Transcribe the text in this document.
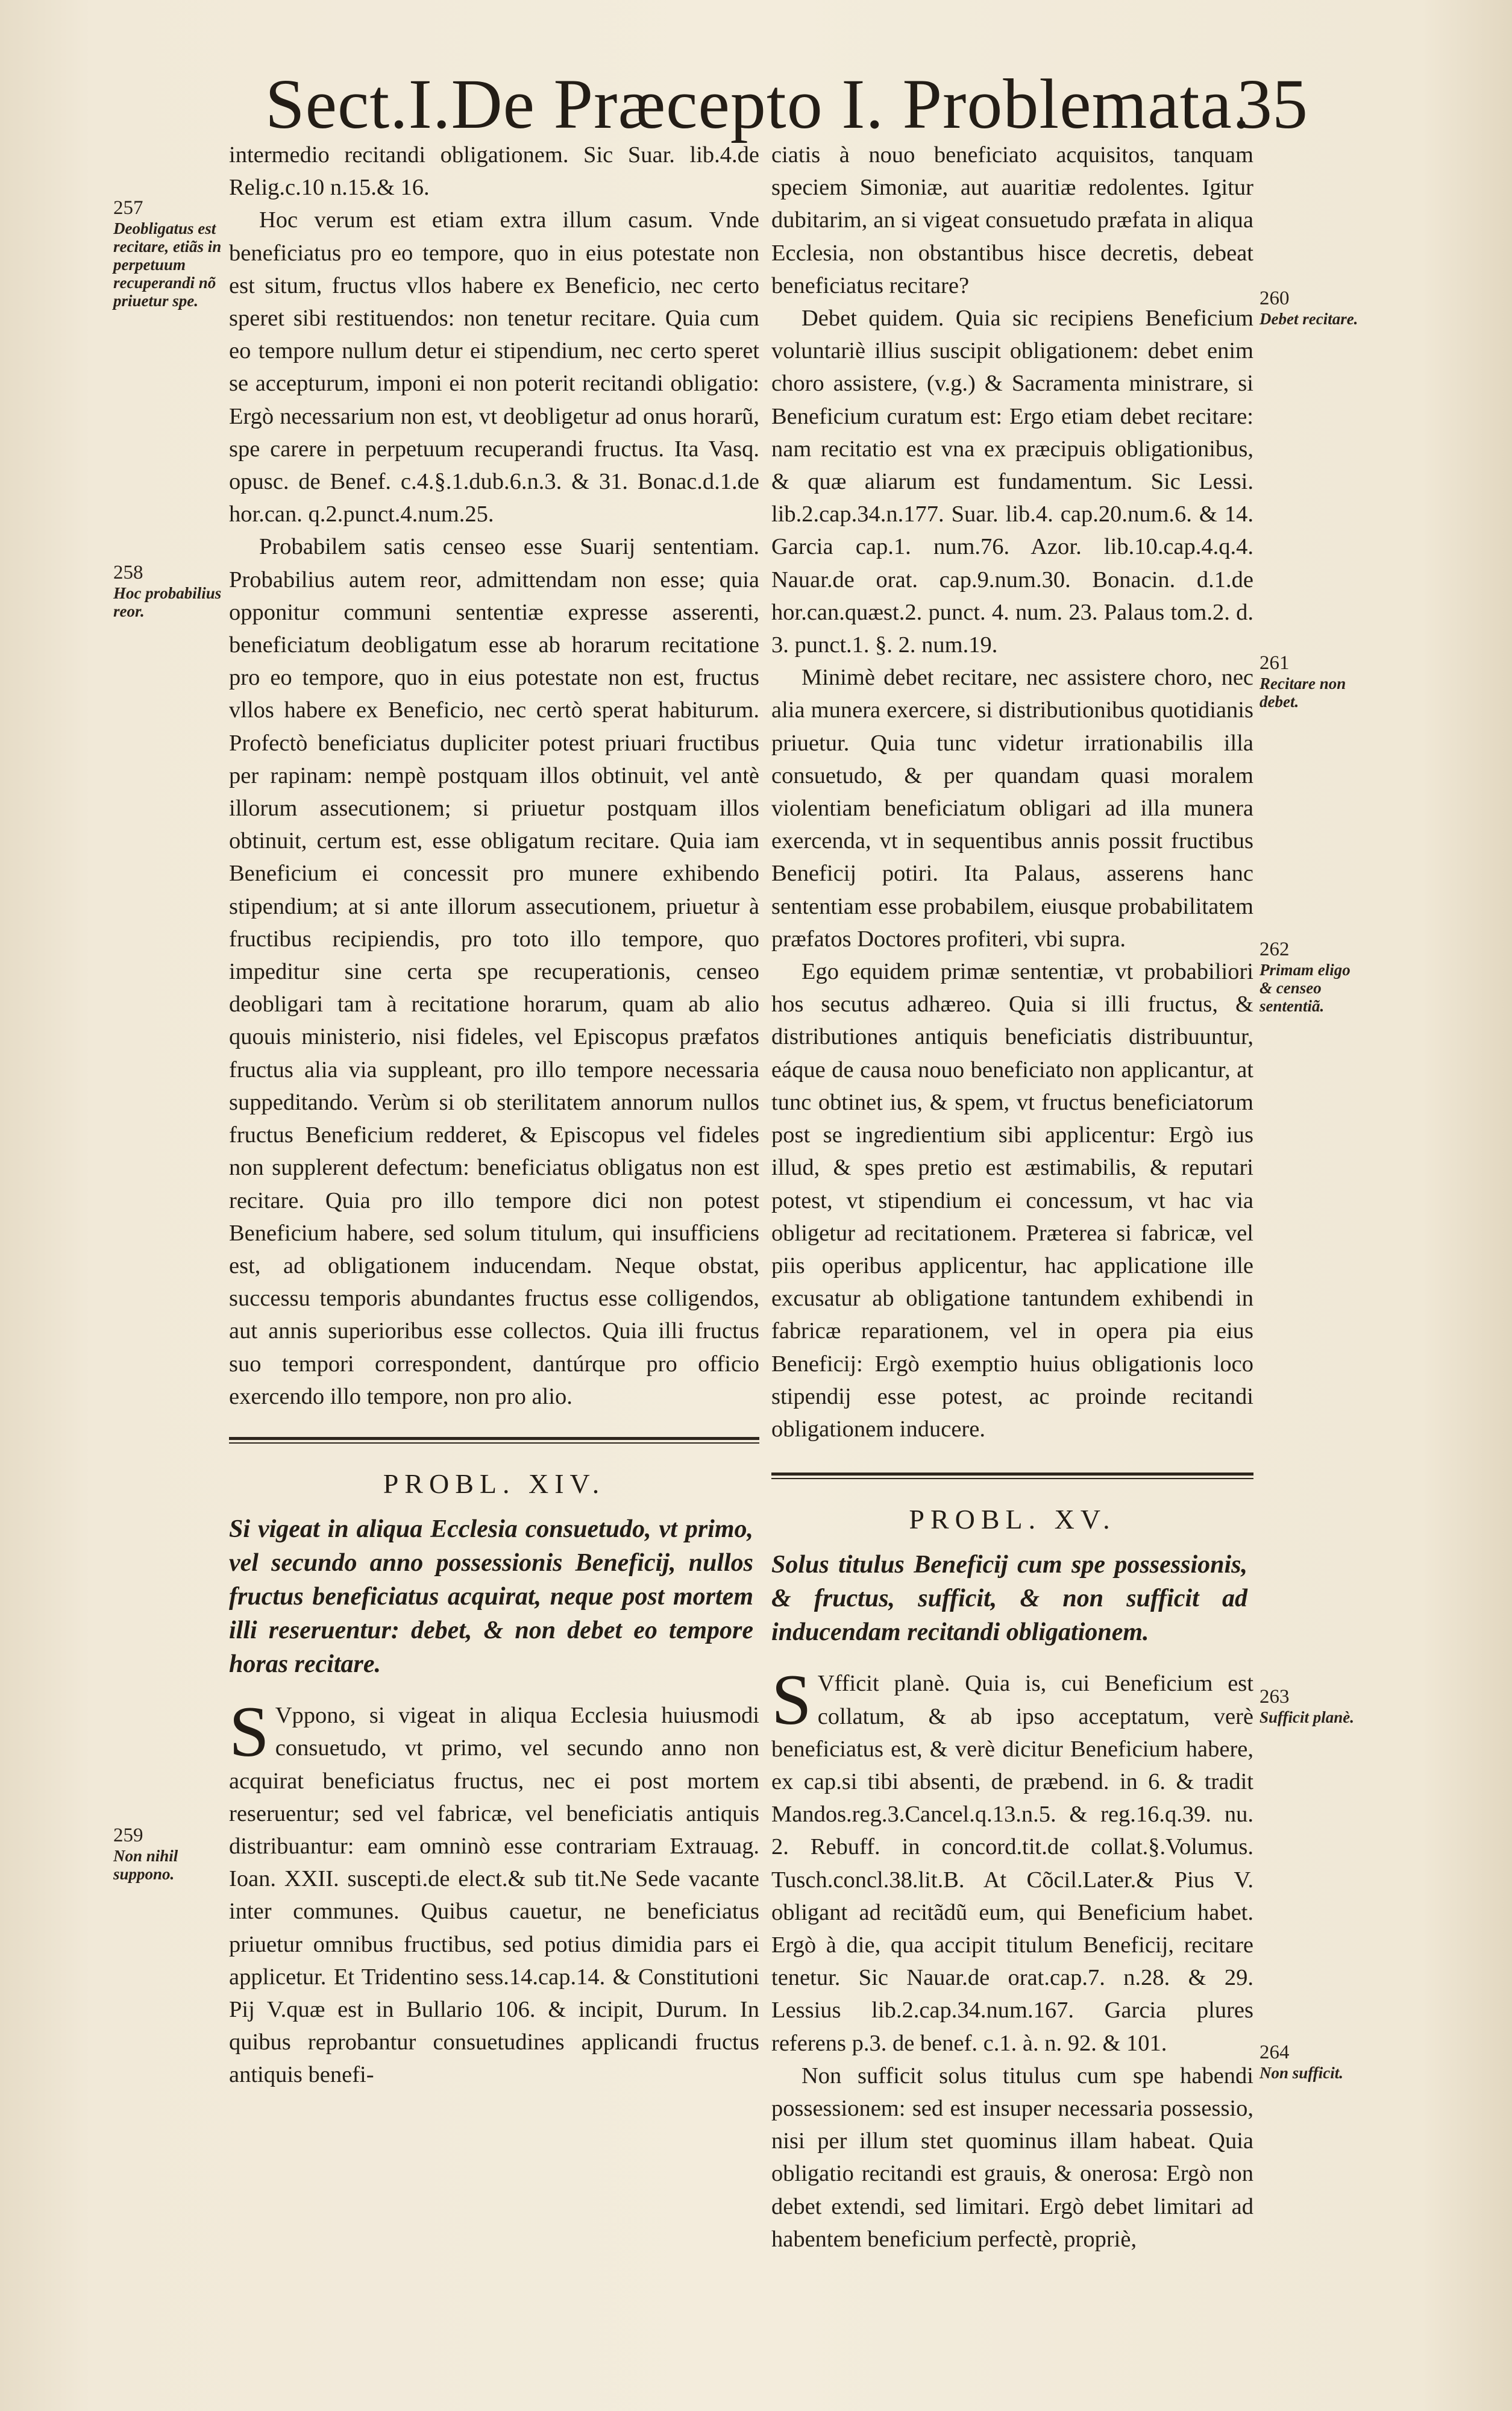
Sect.I.De Præcepto I. Problemata.
35
257
Deobligatus est recitare, etiãs in perpetuum recuperandi nõ priuetur spe.
258
Hoc probabilius reor.
259
Non nihil suppono.
260
Debet recitare.
261
Recitare non debet.
262
Primam eligo & censeo sententiã.
263
Sufficit planè.
264
Non sufficit.

intermedio recitandi obligationem. Sic Suar. lib.4.de Relig.c.10 n.15.& 16.

Hoc verum est etiam extra illum casum. Vnde beneficiatus pro eo tempore, quo in eius potestate non est situm, fructus vllos habere ex Beneficio, nec certo speret sibi restituendos: non tenetur recitare. Quia cum eo tempore nullum detur ei stipendium, nec certo speret se accepturum, imponi ei non poterit recitandi obligatio: Ergò necessarium non est, vt deobligetur ad onus horarũ, spe carere in perpetuum recuperandi fructus. Ita Vasq. opusc. de Benef. c.4.§.1.dub.6.n.3. & 31. Bonac.d.1.de hor.can. q.2.punct.4.num.25.

Probabilem satis censeo esse Suarij sententiam. Probabilius autem reor, admittendam non esse; quia opponitur communi sententiæ expresse asserenti, beneficiatum deobligatum esse ab horarum recitatione pro eo tempore, quo in eius potestate non est, fructus vllos habere ex Beneficio, nec certò sperat habiturum. Profectò beneficiatus dupliciter potest priuari fructibus per rapinam: nempè postquam illos obtinuit, vel antè illorum assecutionem; si priuetur postquam illos obtinuit, certum est, esse obligatum recitare. Quia iam Beneficium ei concessit pro munere exhibendo stipendium; at si ante illorum assecutionem, priuetur à fructibus recipiendis, pro toto illo tempore, quo impeditur sine certa spe recuperationis, censeo deobligari tam à recitatione horarum, quam ab alio quouis ministerio, nisi fideles, vel Episcopus præfatos fructus alia via suppleant, pro illo tempore necessaria suppeditando. Verùm si ob sterilitatem annorum nullos fructus Beneficium redderet, & Episcopus vel fideles non supplerent defectum: beneficiatus obligatus non est recitare. Quia pro illo tempore dici non potest Beneficium habere, sed solum titulum, qui insufficiens est, ad obligationem inducendam. Neque obstat, successu temporis abundantes fructus esse colligendos, aut annis superioribus esse collectos. Quia illi fructus suo tempori correspondent, dantúrque pro officio exercendo illo tempore, non pro alio.

PROBL. XIV.
Si vigeat in aliqua Ecclesia consuetudo, vt primo, vel secundo anno possessionis Beneficij, nullos fructus beneficiatus acquirat, neque post mortem illi reseruentur: debet, & non debet eo tempore horas recitare.

S Vppono, si vigeat in aliqua Ecclesia huiusmodi consuetudo, vt primo, vel secundo anno non acquirat beneficiatus fructus, nec ei post mortem reseruentur; sed vel fabricæ, vel beneficiatis antiquis distribuantur: eam omninò esse contrariam Extrauag. Ioan. XXII. suscepti.de elect.& sub tit.Ne Sede vacante inter communes. Quibus cauetur, ne beneficiatus priuetur omnibus fructibus, sed potius dimidia pars ei applicetur. Et Tridentino sess.14.cap.14. & Constitutioni Pij V.quæ est in Bullario 106. & incipit, Durum. In quibus reprobantur consuetudines applicandi fructus antiquis benefi-

ciatis à nouo beneficiato acquisitos, tanquam speciem Simoniæ, aut auaritiæ redolentes. Igitur dubitarim, an si vigeat consuetudo præfata in aliqua Ecclesia, non obstantibus hisce decretis, debeat beneficiatus recitare?

Debet quidem. Quia sic recipiens Beneficium voluntariè illius suscipit obligationem: debet enim choro assistere, (v.g.) & Sacramenta ministrare, si Beneficium curatum est: Ergo etiam debet recitare: nam recitatio est vna ex præcipuis obligationibus, & quæ aliarum est fundamentum. Sic Lessi. lib.2.cap.34.n.177. Suar. lib.4. cap.20.num.6. & 14. Garcia cap.1. num.76. Azor. lib.10.cap.4.q.4. Nauar.de orat. cap.9.num.30. Bonacin. d.1.de hor.can.quæst.2. punct. 4. num. 23. Palaus tom.2. d. 3. punct.1. §. 2. num.19.

Minimè debet recitare, nec assistere choro, nec alia munera exercere, si distributionibus quotidianis priuetur. Quia tunc videtur irrationabilis illa consuetudo, & per quandam quasi moralem violentiam beneficiatum obligari ad illa munera exercenda, vt in sequentibus annis possit fructibus Beneficij potiri. Ita Palaus, asserens hanc sententiam esse probabilem, eiusque probabilitatem præfatos Doctores profiteri, vbi supra.

Ego equidem primæ sententiæ, vt probabiliori hos secutus adhæreo. Quia si illi fructus, & distributiones antiquis beneficiatis distribuuntur, eáque de causa nouo beneficiato non applicantur, at tunc obtinet ius, & spem, vt fructus beneficiatorum post se ingredientium sibi applicentur: Ergò ius illud, & spes pretio est æstimabilis, & reputari potest, vt stipendium ei concessum, vt hac via obligetur ad recitationem. Præterea si fabricæ, vel piis operibus applicentur, hac applicatione ille excusatur ab obligatione tantundem exhibendi in fabricæ reparationem, vel in opera pia eius Beneficij: Ergò exemptio huius obligationis loco stipendij esse potest, ac proinde recitandi obligationem inducere.

PROBL. XV.
Solus titulus Beneficij cum spe possessionis, & fructus, sufficit, & non sufficit ad inducendam recitandi obligationem.

S Vfficit planè. Quia is, cui Beneficium est collatum, & ab ipso acceptatum, verè beneficiatus est, & verè dicitur Beneficium habere, ex cap.si tibi absenti, de præbend. in 6. & tradit Mandos.reg.3.Cancel.q.13.n.5. & reg.16.q.39. nu. 2. Rebuff. in concord.tit.de collat.§.Volumus. Tusch.concl.38.lit.B. At Cõcil.Later.& Pius V. obligant ad recitãdũ eum, qui Beneficium habet. Ergò à die, qua accipit titulum Beneficij, recitare tenetur. Sic Nauar.de orat.cap.7. n.28. & 29. Lessius lib.2.cap.34.num.167. Garcia plures referens p.3. de benef. c.1. à. n. 92. & 101.

Non sufficit solus titulus cum spe habendi possessionem: sed est insuper necessaria possessio, nisi per illum stet quominus illam habeat. Quia obligatio recitandi est grauis, & onerosa: Ergò non debet extendi, sed limitari. Ergò debet limitari ad habentem beneficium perfectè, propriè,
